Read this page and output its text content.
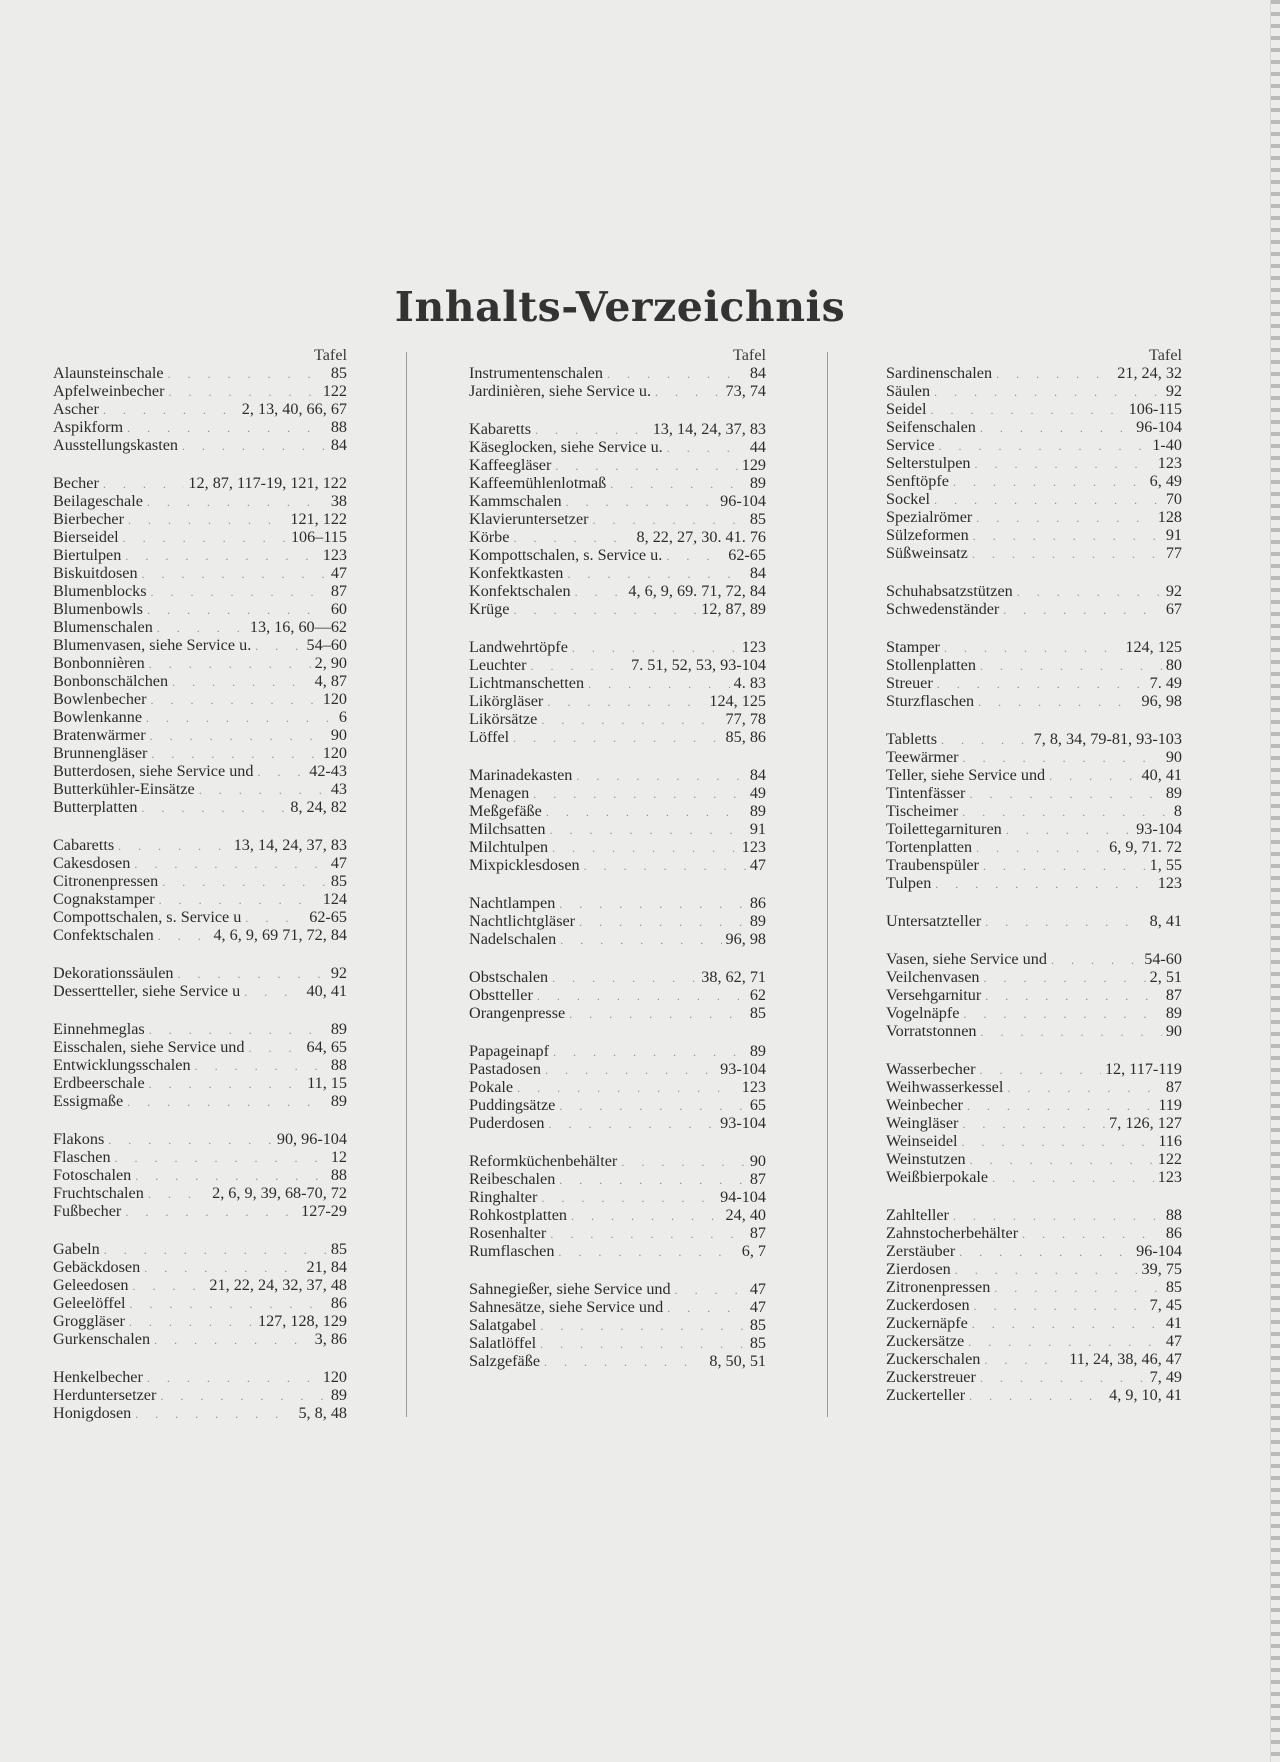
Inhalts-Verzeichnis
Tafel
Alaunsteinschale . . .	85
Apfelweinbecher . . .	122
Ascher . . .	2, 13, 40, 66, 67
Aspikform . . .	88
Ausstellungskasten . . .	84
Becher . . .	12, 87, 117-19, 121, 122
Beilageschale . . .	38
Bierbecher . . .	121, 122
Bierseidel . . .	106–115
Biertulpen . . .	123
Biskuitdosen . . .	47
Blumenblocks . . .	87
Blumenbowls . . .	60
Blumenschalen . . .	13, 16, 60—62
Blumenvasen, siehe Service u. . . .	54–60
Bonbonnièren . . .	2, 90
Bonbonschälchen . . .	4, 87
Bowlenbecher . . .	120
Bowlenkanne . . .	6
Bratenwärmer . . .	90
Brunnengläser . . .	120
Butterdosen, siehe Service und . . .	42-43
Butterkühler-Einsätze . . .	43
Butterplatten . . .	8, 24, 82
Cabaretts . . .	13, 14, 24, 37, 83
Cakesdosen . . .	47
Citronenpressen . . .	85
Cognakstamper . . .	124
Compottschalen, s. Service u . . .	62-65
Confektschalen . . .	4, 6, 9, 69 71, 72, 84
Dekorationssäulen . . .	92
Dessertteller, siehe Service u . . .	40, 41
Einnehmeglas . . .	89
Eisschalen, siehe Service und . . .	64, 65
Entwicklungsschalen . . .	88
Erdbeerschale . . .	11, 15
Essigmaße . . .	89
Flakons . . .	90, 96-104
Flaschen . . .	12
Fotoschalen . . .	88
Fruchtschalen . . .	2, 6, 9, 39, 68-70, 72
Fußbecher . . .	127-29
Gabeln . . .	85
Gebäckdosen . . .	21, 84
Geleedosen . . .	21, 22, 24, 32, 37, 48
Geleelöffel . . .	86
Groggläser . . .	127, 128, 129
Gurkenschalen . . .	3, 86
Henkelbecher . . .	120
Herduntersetzer . . .	89
Honigdosen . . .	5, 8, 48
Tafel
Instrumentenschalen . . .	84
Jardinièren, siehe Service u. . . .	73, 74
Kabaretts . . .	13, 14, 24, 37, 83
Käseglocken, siehe Service u. . . .	44
Kaffeegläser . . .	129
Kaffeemühlenlotmaß . . .	89
Kammschalen . . .	96-104
Klavieruntersetzer . . .	85
Körbe . . .	8, 22, 27, 30. 41. 76
Kompottschalen, s. Service u. . . .	62-65
Konfektkasten . . .	84
Konfektschalen . . .	4, 6, 9, 69. 71, 72, 84
Krüge . . .	12, 87, 89
Landwehrtöpfe . . .	123
Leuchter . . .	7. 51, 52, 53, 93-104
Lichtmanschetten . . .	4. 83
Likörgläser . . .	124, 125
Likörsätze . . .	77, 78
Löffel . . .	85, 86
Marinadekasten . . .	84
Menagen . . .	49
Meßgefäße . . .	89
Milchsatten . . .	91
Milchtulpen . . .	123
Mixpicklesdosen . . .	47
Nachtlampen . . .	86
Nachtlichtgläser . . .	89
Nadelschalen . . .	96, 98
Obstschalen . . .	38, 62, 71
Obstteller . . .	62
Orangenpresse . . .	85
Papageinapf . . .	89
Pastadosen . . .	93-104
Pokale . . .	123
Puddingsätze . . .	65
Puderdosen . . .	93-104
Reformküchenbehälter . . .	90
Reibeschalen . . .	87
Ringhalter . . .	94-104
Rohkostplatten . . .	24, 40
Rosenhalter . . .	87
Rumflaschen . . .	6, 7
Sahnegießer, siehe Service und . . .	47
Sahnesätze, siehe Service und . . .	47
Salatgabel . . .	85
Salatlöffel . . .	85
Salzgefäße . . .	8, 50, 51
Tafel
Sardinenschalen . . .	21, 24, 32
Säulen . . .	92
Seidel . . .	106-115
Seifenschalen . . .	96-104
Service . . .	1-40
Selterstulpen . . .	123
Senftöpfe . . .	6, 49
Sockel . . .	70
Spezialrömer . . .	128
Sülzeformen . . .	91
Süßweinsatz . . .	77
Schuhabsatzstützen . . .	92
Schwedenständer . . .	67
Stamper . . .	124, 125
Stollenplatten . . .	80
Streuer . . .	7. 49
Sturzflaschen . . .	96, 98
Tabletts . . .	7, 8, 34, 79-81, 93-103
Teewärmer . . .	90
Teller, siehe Service und . . .	40, 41
Tintenfässer . . .	89
Tischeimer . . .	8
Toilettegarnituren . . .	93-104
Tortenplatten . . .	6, 9, 71. 72
Traubenspüler . . .	1, 55
Tulpen . . .	123
Untersatzteller . . .	8, 41
Vasen, siehe Service und . . .	54-60
Veilchenvasen . . .	2, 51
Versehgarnitur . . .	87
Vogelnäpfe . . .	89
Vorratstonnen . . .	90
Wasserbecher . . .	12, 117-119
Weihwasserkessel . . .	87
Weinbecher . . .	119
Weingläser . . .	7, 126, 127
Weinseidel . . .	116
Weinstutzen . . .	122
Weißbierpokale . . .	123
Zahlteller . . .	88
Zahnstocherbehälter . . .	86
Zerstäuber . . .	96-104
Zierdosen . . .	39, 75
Zitronenpressen . . .	85
Zuckerdosen . . .	7, 45
Zuckernäpfe . . .	41
Zuckersätze . . .	47
Zuckerschalen . . .	11, 24, 38, 46, 47
Zuckerstreuer . . .	7, 49
Zuckerteller . . .	4, 9, 10, 41
